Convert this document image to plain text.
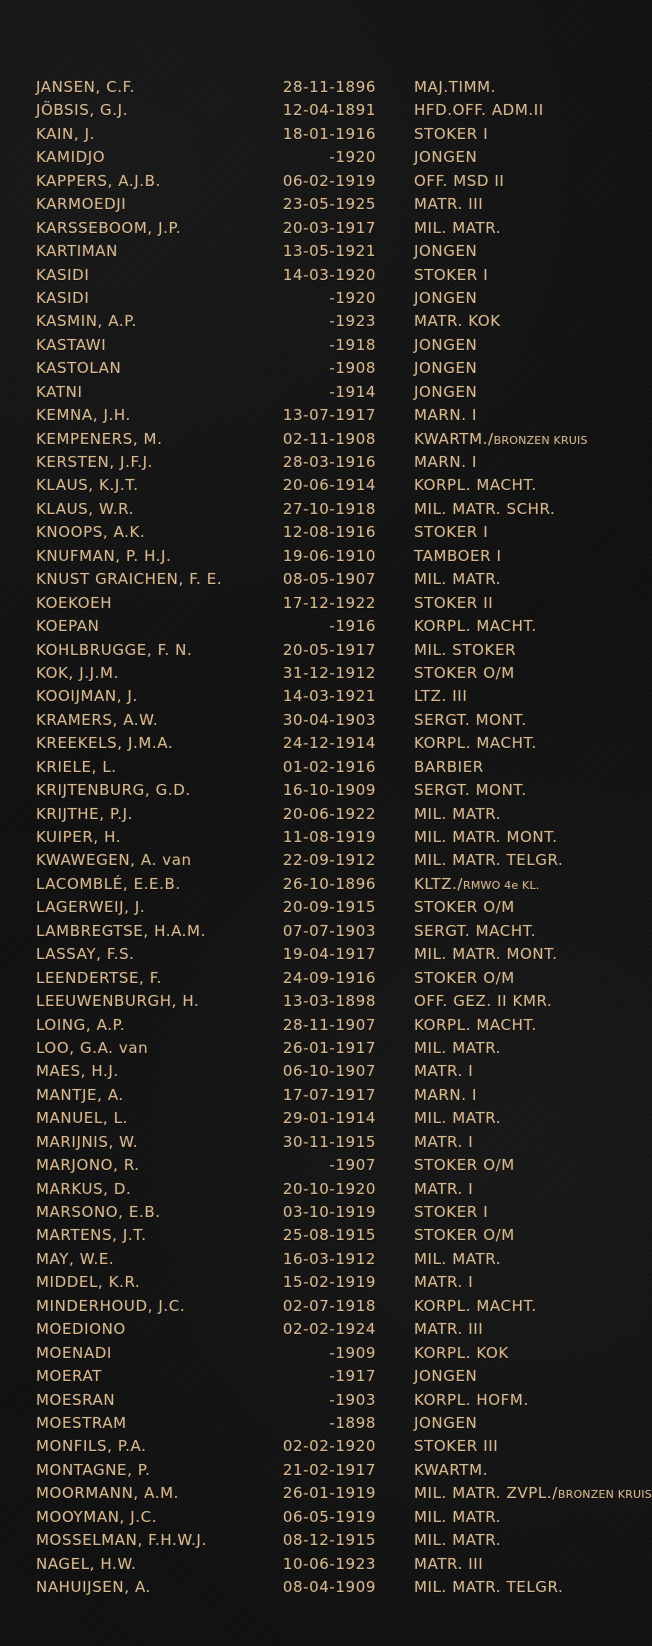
JANSEN, C.F.	28-11-1896	MAJ.TIMM.
JÖBSIS, G.J.	12-04-1891	HFD.OFF. ADM.II
KAIN, J.	18-01-1916	STOKER I
KAMIDJO	-1920	JONGEN
KAPPERS, A.J.B.	06-02-1919	OFF. MSD II
KARMOEDJI	23-05-1925	MATR. III
KARSSEBOOM, J.P.	20-03-1917	MIL. MATR.
KARTIMAN	13-05-1921	JONGEN
KASIDI	14-03-1920	STOKER I
KASIDI	-1920	JONGEN
KASMIN, A.P.	-1923	MATR. KOK
KASTAWI	-1918	JONGEN
KASTOLAN	-1908	JONGEN
KATNI	-1914	JONGEN
KEMNA, J.H.	13-07-1917	MARN. I
KEMPENERS, M.	02-11-1908	KWARTM./BRONZEN KRUIS
KERSTEN, J.F.J.	28-03-1916	MARN. I
KLAUS, K.J.T.	20-06-1914	KORPL. MACHT.
KLAUS, W.R.	27-10-1918	MIL. MATR. SCHR.
KNOOPS, A.K.	12-08-1916	STOKER I
KNUFMAN, P. H.J.	19-06-1910	TAMBOER I
KNUST GRAICHEN, F. E.	08-05-1907	MIL. MATR.
KOEKOEH	17-12-1922	STOKER II
KOEPAN	-1916	KORPL. MACHT.
KOHLBRUGGE, F. N.	20-05-1917	MIL. STOKER
KOK, J.J.M.	31-12-1912	STOKER O/M
KOOIJMAN, J.	14-03-1921	LTZ. III
KRAMERS, A.W.	30-04-1903	SERGT. MONT.
KREEKELS, J.M.A.	24-12-1914	KORPL. MACHT.
KRIELE, L.	01-02-1916	BARBIER
KRIJTENBURG, G.D.	16-10-1909	SERGT. MONT.
KRIJTHE, P.J.	20-06-1922	MIL. MATR.
KUIPER, H.	11-08-1919	MIL. MATR. MONT.
KWAWEGEN, A. van	22-09-1912	MIL. MATR. TELGR.
LACOMBLÉ, E.E.B.	26-10-1896	KLTZ./RMWO 4e KL.
LAGERWEIJ, J.	20-09-1915	STOKER O/M
LAMBREGTSE, H.A.M.	07-07-1903	SERGT. MACHT.
LASSAY, F.S.	19-04-1917	MIL. MATR. MONT.
LEENDERTSE, F.	24-09-1916	STOKER O/M
LEEUWENBURGH, H.	13-03-1898	OFF. GEZ. II KMR.
LOING, A.P.	28-11-1907	KORPL. MACHT.
LOO, G.A. van	26-01-1917	MIL. MATR.
MAES, H.J.	06-10-1907	MATR. I
MANTJE, A.	17-07-1917	MARN. I
MANUEL, L.	29-01-1914	MIL. MATR.
MARIJNIS, W.	30-11-1915	MATR. I
MARJONO, R.	-1907	STOKER O/M
MARKUS, D.	20-10-1920	MATR. I
MARSONO, E.B.	03-10-1919	STOKER I
MARTENS, J.T.	25-08-1915	STOKER O/M
MAY, W.E.	16-03-1912	MIL. MATR.
MIDDEL, K.R.	15-02-1919	MATR. I
MINDERHOUD, J.C.	02-07-1918	KORPL. MACHT.
MOEDIONO	02-02-1924	MATR. III
MOENADI	-1909	KORPL. KOK
MOERAT	-1917	JONGEN
MOESRAN	-1903	KORPL. HOFM.
MOESTRAM	-1898	JONGEN
MONFILS, P.A.	02-02-1920	STOKER III
MONTAGNE, P.	21-02-1917	KWARTM.
MOORMANN, A.M.	26-01-1919	MIL. MATR. ZVPL./BRONZEN KRUIS
MOOYMAN, J.C.	06-05-1919	MIL. MATR.
MOSSELMAN, F.H.W.J.	08-12-1915	MIL. MATR.
NAGEL, H.W.	10-06-1923	MATR. III
NAHUIJSEN, A.	08-04-1909	MIL. MATR. TELGR.
